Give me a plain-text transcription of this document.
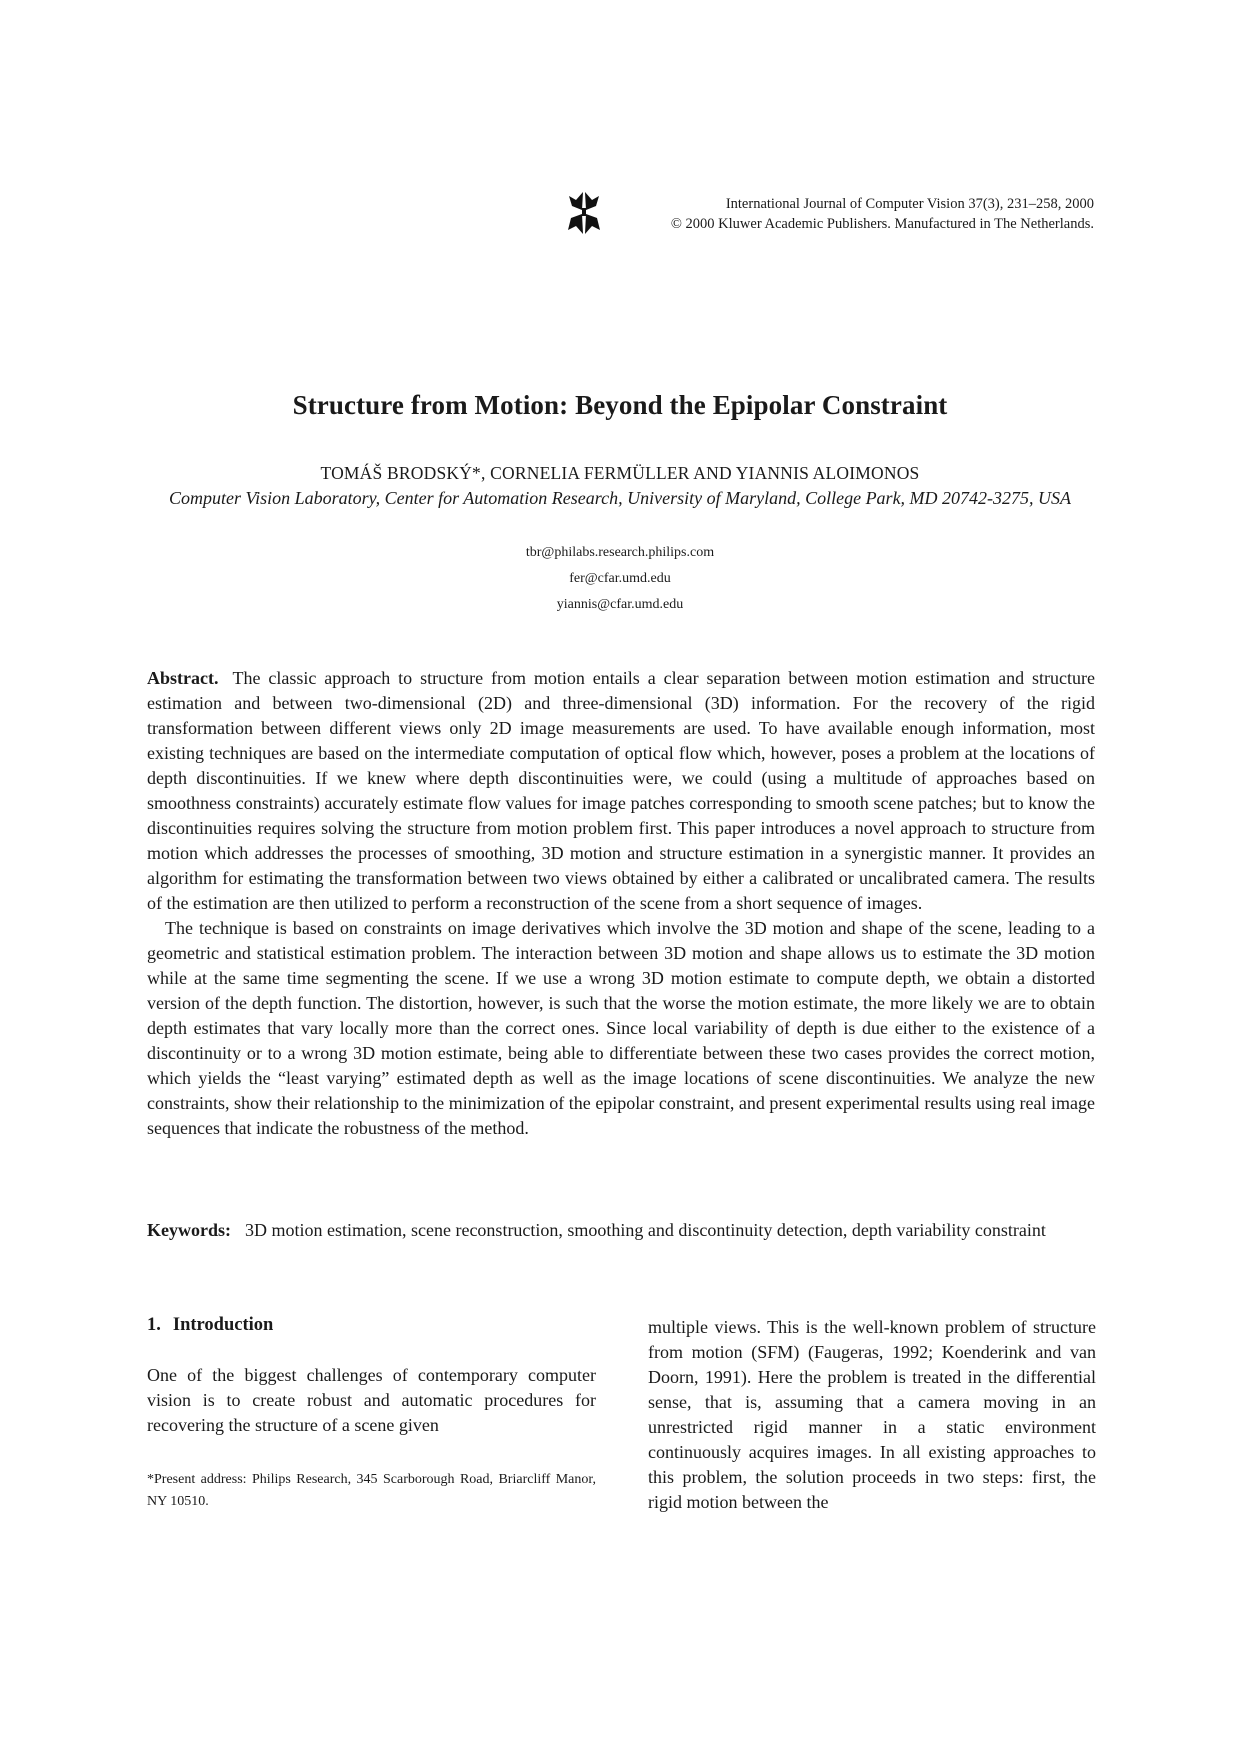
International Journal of Computer Vision 37(3), 231–258, 2000
© 2000 Kluwer Academic Publishers. Manufactured in The Netherlands.
Structure from Motion: Beyond the Epipolar Constraint
TOMÁŠ BRODSKÝ*, CORNELIA FERMÜLLER AND YIANNIS ALOIMONOS
Computer Vision Laboratory, Center for Automation Research, University of Maryland, College Park, MD 20742-3275, USA
tbr@philabs.research.philips.com
fer@cfar.umd.edu
yiannis@cfar.umd.edu

Abstract. The classic approach to structure from motion entails a clear separation between motion estimation and structure estimation and between two-dimensional (2D) and three-dimensional (3D) information. For the recovery of the rigid transformation between different views only 2D image measurements are used. To have available enough information, most existing techniques are based on the intermediate computation of optical flow which, however, poses a problem at the locations of depth discontinuities. If we knew where depth discontinuities were, we could (using a multitude of approaches based on smoothness constraints) accurately estimate flow values for image patches corresponding to smooth scene patches; but to know the discontinuities requires solving the structure from motion problem first. This paper introduces a novel approach to structure from motion which addresses the processes of smoothing, 3D motion and structure estimation in a synergistic manner. It provides an algorithm for estimating the transformation between two views obtained by either a calibrated or uncalibrated camera. The results of the estimation are then utilized to perform a reconstruction of the scene from a short sequence of images.

The technique is based on constraints on image derivatives which involve the 3D motion and shape of the scene, leading to a geometric and statistical estimation problem. The interaction between 3D motion and shape allows us to estimate the 3D motion while at the same time segmenting the scene. If we use a wrong 3D motion estimate to compute depth, we obtain a distorted version of the depth function. The distortion, however, is such that the worse the motion estimate, the more likely we are to obtain depth estimates that vary locally more than the correct ones. Since local variability of depth is due either to the existence of a discontinuity or to a wrong 3D motion estimate, being able to differentiate between these two cases provides the correct motion, which yields the “least varying” estimated depth as well as the image locations of scene discontinuities. We analyze the new constraints, show their relationship to the minimization of the epipolar constraint, and present experimental results using real image sequences that indicate the robustness of the method.

Keywords: 3D motion estimation, scene reconstruction, smoothing and discontinuity detection, depth variability constraint
1. Introduction

One of the biggest challenges of contemporary computer vision is to create robust and automatic procedures for recovering the structure of a scene given

*Present address: Philips Research, 345 Scarborough Road, Briarcliff Manor, NY 10510.

multiple views. This is the well-known problem of structure from motion (SFM) (Faugeras, 1992; Koenderink and van Doorn, 1991). Here the problem is treated in the differential sense, that is, assuming that a camera moving in an unrestricted rigid manner in a static environment continuously acquires images. In all existing approaches to this problem, the solution proceeds in two steps: first, the rigid motion between the
